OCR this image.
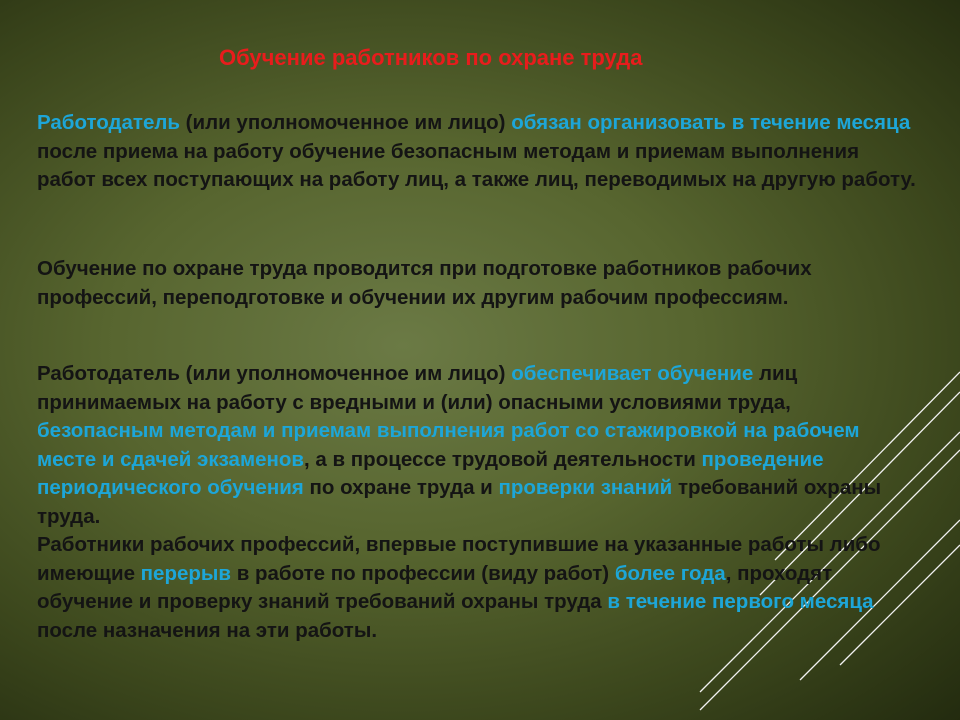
Обучение работников по охране труда

Работодатель (или уполномоченное им лицо) обязан организовать в течение месяца после приема на работу обучение безопасным методам и приемам выполнения работ всех поступающих на работу лиц, а также лиц, переводимых на другую работу.

Обучение по охране труда проводится при подготовке работников рабочих профессий, переподготовке и обучении их другим рабочим профессиям.

Работодатель (или уполномоченное им лицо) обеспечивает обучение лиц принимаемых на работу с вредными и (или) опасными условиями труда, безопасным методам и приемам выполнения работ со стажировкой на рабочем месте и сдачей экзаменов, а в процессе трудовой деятельности проведение периодического обучения по охране труда и проверки знаний требований охраны труда.
Работники рабочих профессий, впервые поступившие на указанные работы либо имеющие перерыв в работе по профессии (виду работ) более года, проходят обучение и проверку знаний требований охраны труда в течение первого месяца после назначения на эти работы.
